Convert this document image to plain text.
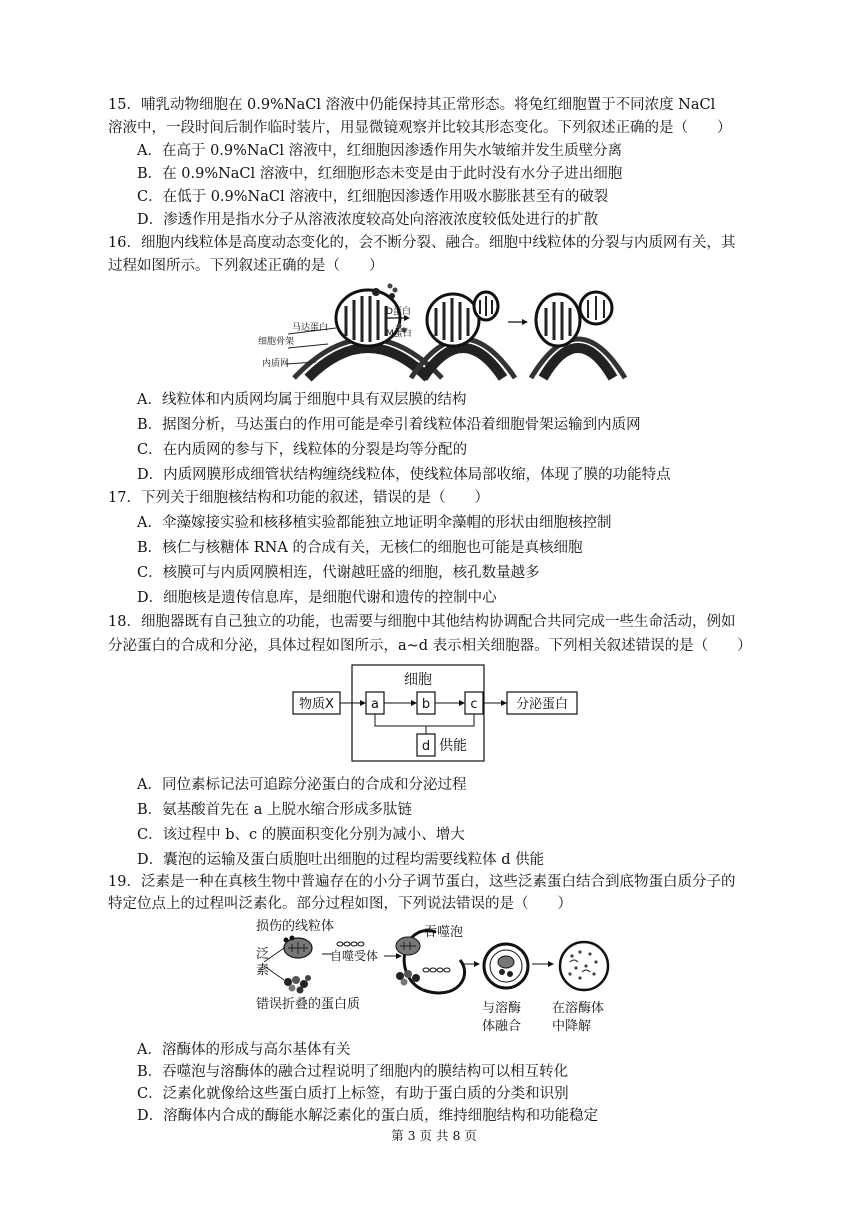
15．哺乳动物细胞在 0.9%NaCl 溶液中仍能保持其正常形态。将兔红细胞置于不同浓度 NaCl
溶液中，一段时间后制作临时装片，用显微镜观察并比较其形态变化。下列叙述正确的是（　　）
A．在高于 0.9%NaCl 溶液中，红细胞因渗透作用失水皱缩并发生质壁分离
B．在 0.9%NaCl 溶液中，红细胞形态未变是由于此时没有水分子进出细胞
C．在低于 0.9%NaCl 溶液中，红细胞因渗透作用吸水膨胀甚至有的破裂
D．渗透作用是指水分子从溶液浓度较高处向溶液浓度较低处进行的扩散
16．细胞内线粒体是高度动态变化的，会不断分裂、融合。细胞中线粒体的分裂与内质网有关，其
过程如图所示。下列叙述正确的是（　　）
D蛋白
马达蛋白
M蛋白
细胞骨架
内质网
A．线粒体和内质网均属于细胞中具有双层膜的结构
B．据图分析，马达蛋白的作用可能是牵引着线粒体沿着细胞骨架运输到内质网
C．在内质网的参与下，线粒体的分裂是均等分配的
D．内质网膜形成细管状结构缠绕线粒体，使线粒体局部收缩，体现了膜的功能特点
17．下列关于细胞核结构和功能的叙述，错误的是（　　）
A．伞藻嫁接实验和核移植实验都能独立地证明伞藻帽的形状由细胞核控制
B．核仁与核糖体 RNA 的合成有关，无核仁的细胞也可能是真核细胞
C．核膜可与内质网膜相连，代谢越旺盛的细胞，核孔数量越多
D．细胞核是遗传信息库，是细胞代谢和遗传的控制中心
18．细胞器既有自己独立的功能，也需要与细胞中其他结构协调配合共同完成一些生命活动，例如
分泌蛋白的合成和分泌，具体过程如图所示，a~d 表示相关细胞器。下列相关叙述错误的是（　　）
细胞
物质X	a	b	c	分泌蛋白
d 供能
A．同位素标记法可追踪分泌蛋白的合成和分泌过程
B．氨基酸首先在 a 上脱水缩合形成多肽链
C．该过程中 b、c 的膜面积变化分别为减小、增大
D．囊泡的运输及蛋白质胞吐出细胞的过程均需要线粒体 d 供能
19．泛素是一种在真核生物中普遍存在的小分子调节蛋白，这些泛素蛋白结合到底物蛋白质分子的
特定位点上的过程叫泛素化。部分过程如图，下列说法错误的是（　　）
损伤的线粒体
泛
素
错误折叠的蛋白质
自噬受体
吞噬泡
与溶酶
体融合
在溶酶体
中降解
A．溶酶体的形成与高尔基体有关
B．吞噬泡与溶酶体的融合过程说明了细胞内的膜结构可以相互转化
C．泛素化就像给这些蛋白质打上标签，有助于蛋白质的分类和识别
D．溶酶体内合成的酶能水解泛素化的蛋白质，维持细胞结构和功能稳定
第 3 页 共 8 页
